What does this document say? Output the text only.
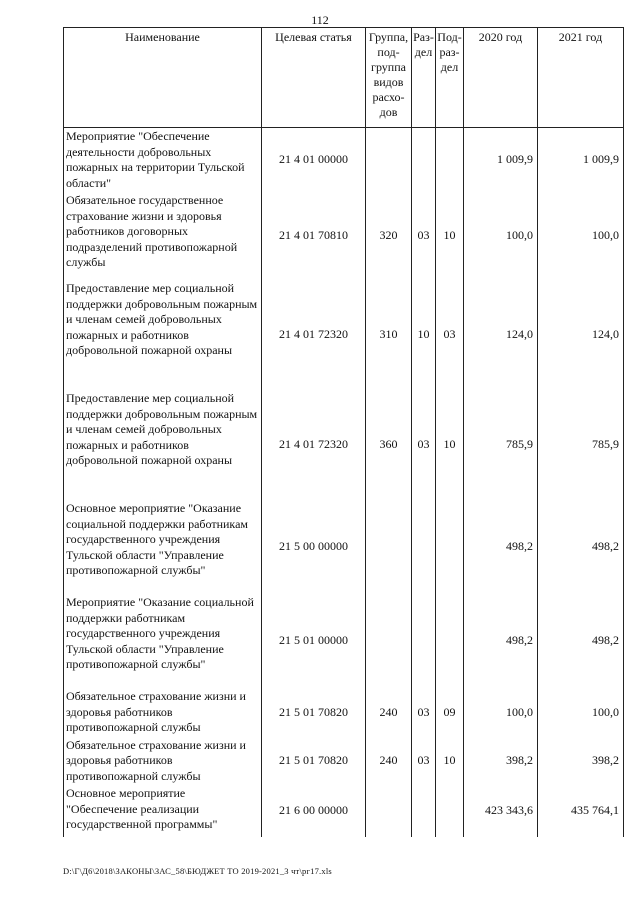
112
Наименование	Целевая статья	Группа, под- группа видов расхо- дов	Раз- дел	Под- раз- дел	2020 год	2021 год
Мероприятие "Обеспечение деятельности добровольных пожарных на территории Тульской области"	21 4 01 00000				1 009,9	1 009,9
Обязательное государственное страхование жизни и здоровья работников договорных подразделений противопожарной службы	21 4 01 70810	320	03	10	100,0	100,0
Предоставление мер социальной поддержки добровольным пожарным и членам семей добровольных пожарных и работников добровольной пожарной охраны	21 4 01 72320	310	10	03	124,0	124,0
Предоставление мер социальной поддержки добровольным пожарным и членам семей добровольных пожарных и работников добровольной пожарной охраны	21 4 01 72320	360	03	10	785,9	785,9
Основное мероприятие "Оказание социальной поддержки работникам государственного учреждения Тульской области "Управление противопожарной службы"	21 5 00 00000				498,2	498,2
Мероприятие "Оказание социальной поддержки работникам государственного учреждения Тульской области "Управление противопожарной службы"	21 5 01 00000				498,2	498,2
Обязательное страхование жизни и здоровья работников противопожарной службы	21 5 01 70820	240	03	09	100,0	100,0
Обязательное страхование жизни и здоровья работников противопожарной службы	21 5 01 70820	240	03	10	398,2	398,2
Основное мероприятие "Обеспечение реализации государственной программы"	21 6 00 00000				423 343,6	435 764,1
D:\Г\Д6\2018\ЗАКОНЫ\ЗАС_58\БЮДЖЕТ ТО 2019-2021_3 чт\рг17.xls
